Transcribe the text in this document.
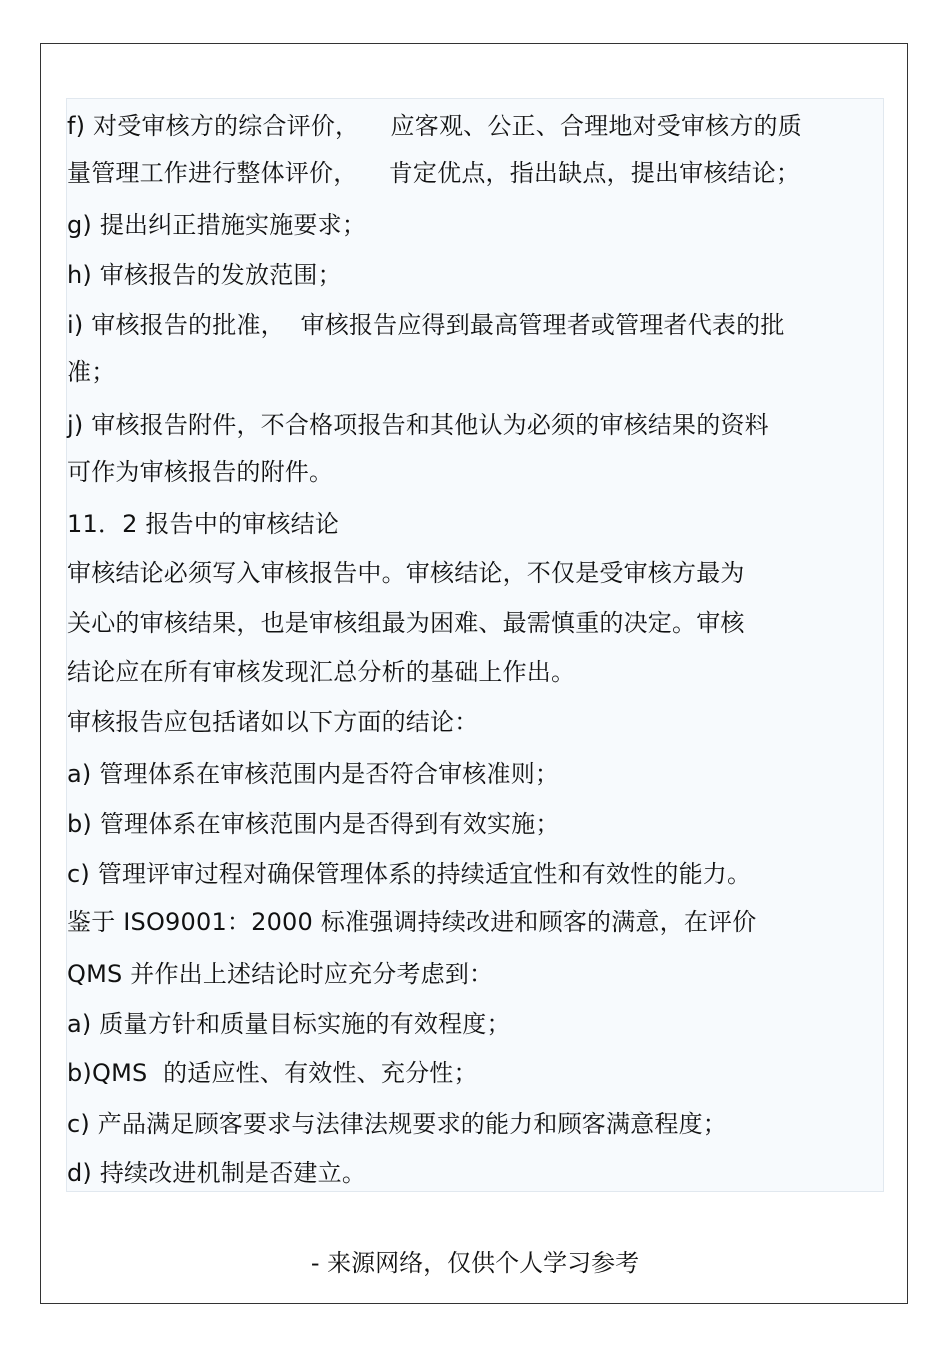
f) 对受审核方的综合评价，    应客观、公正、合理地对受审核方的质
量管理工作进行整体评价，    肯定优点，指出缺点，提出审核结论；
g) 提出纠正措施实施要求；
h) 审核报告的发放范围；
i) 审核报告的批准，  审核报告应得到最高管理者或管理者代表的批
准；
j) 审核报告附件，不合格项报告和其他认为必须的审核结果的资料
可作为审核报告的附件。
11．2 报告中的审核结论
审核结论必须写入审核报告中。审核结论，不仅是受审核方最为
关心的审核结果，也是审核组最为困难、最需慎重的决定。审核
结论应在所有审核发现汇总分析的基础上作出。
审核报告应包括诸如以下方面的结论：
a) 管理体系在审核范围内是否符合审核准则；
b) 管理体系在审核范围内是否得到有效实施；
c) 管理评审过程对确保管理体系的持续适宜性和有效性的能力。
鉴于 ISO9001：2000 标准强调持续改进和顾客的满意，在评价
QMS 并作出上述结论时应充分考虑到：
a) 质量方针和质量目标实施的有效程度；
b)QMS  的适应性、有效性、充分性；
c) 产品满足顾客要求与法律法规要求的能力和顾客满意程度；
d) 持续改进机制是否建立。
- 来源网络，仅供个人学习参考
